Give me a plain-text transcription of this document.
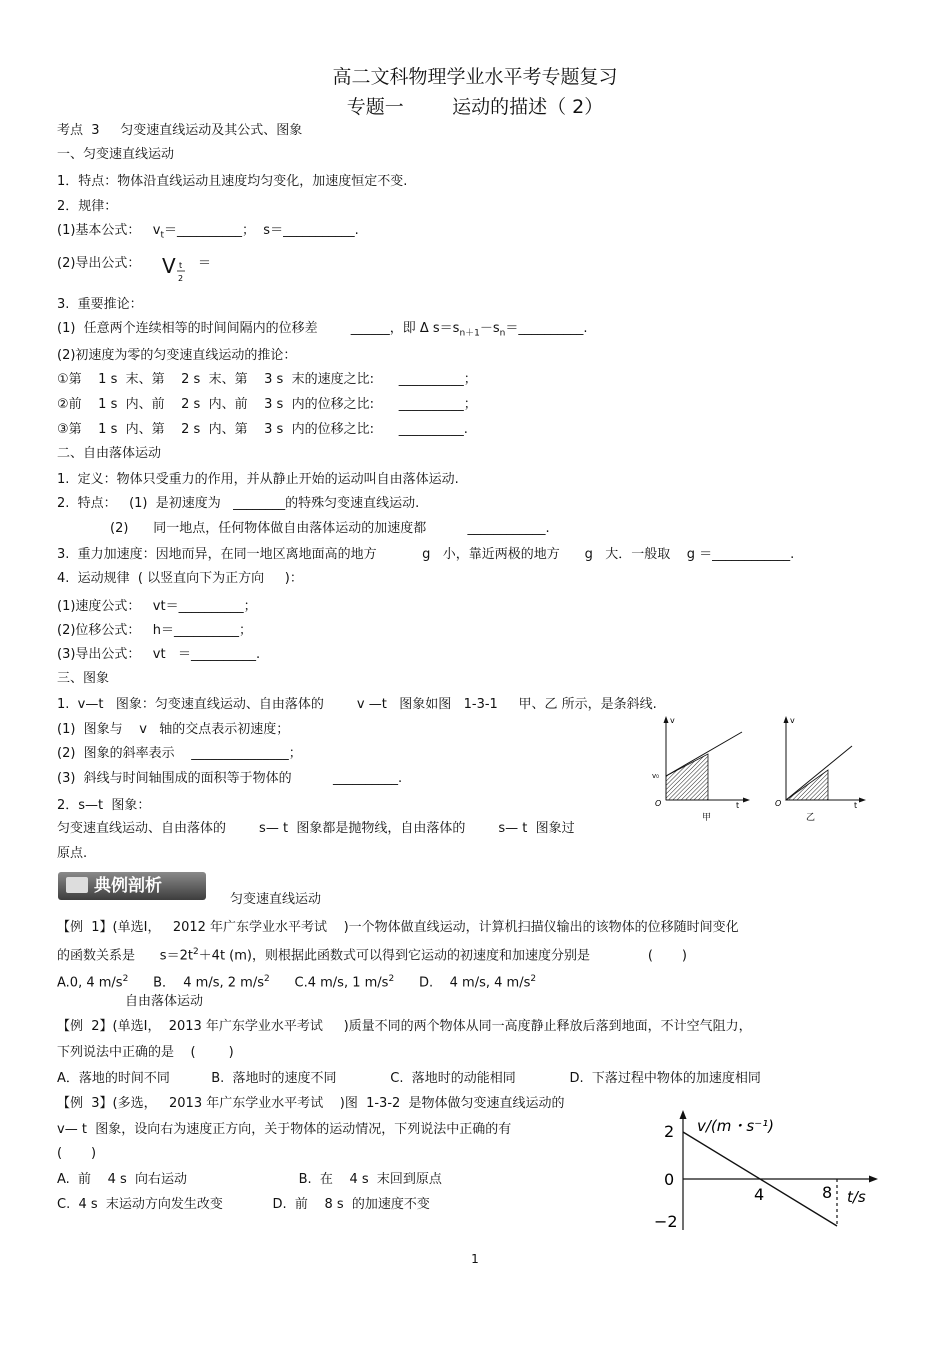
高二文科物理学业水平考专题复习
专题一        运动的描述（ 2）
考点  3     匀变速直线运动及其公式、图象
一、匀变速直线运动
1．特点：物体沿直线运动且速度均匀变化，加速度恒定不变.
2．规律：
(1)基本公式：   $v_t=\_\_\_\_\_\_\_\_\_\_$；  s＝___________.
(2)导出公式： V t
2
＝
3.  重要推论：
(1)  任意两个连续相等的时间间隔内的位移差        ______，即 Δ $s=s_{n+1}-s_n=\_\_\_\_\_\_\_\_\_\_$.
(2)初速度为零的匀变速直线运动的推论：
①第    1 s  末、第    2 s  末、第    3 s  末的速度之比:      __________；
②前    1 s  内、前    2 s  内、前    3 s  内的位移之比:      __________；
③第    1 s  内、第    2 s  内、第    3 s  内的位移之比:      __________.
二、自由落体运动
1.  定义：物体只受重力的作用，并从静止开始的运动叫自由落体运动.
2.  特点：   (1)  是初速度为   ________的特殊匀变速直线运动.
(2)      同一地点，任何物体做自由落体运动的加速度都          ____________.
3.  重力加速度：因地而异，在同一地区离地面高的地方           g   小，靠近两极的地方      g   大．一般取    g ＝____________.
4.  运动规律  ( 以竖直向下为正方向     )：
(1)速度公式：   vt＝__________；
(2)位移公式：   h＝__________；
(3)导出公式：   vt   ＝__________.
三、图象
1.  v—t   图象：匀变速直线运动、自由落体的        v —t   图象如图   1-3-1     甲、乙 所示，是条斜线.
(1)  图象与    v   轴的交点表示初速度；
(2)  图象的斜率表示    _______________；
(3)  斜线与时间轴围成的面积等于物体的          __________.
2．s—t  图象：
匀变速直线运动、自由落体的        s— t  图象都是抛物线，自由落体的        s— t  图象过
原点.
v
v₀
O	t
甲
v
O	t
乙
典例剖析
匀变速直线运动
【例  1】(单选Ⅰ，   2012 年广东学业水平考试    )一个物体做直线运动，计算机扫描仪输出的该物体的位移随时间变化
的函数关系是      $s=2t^2+4t$ (m)，则根据此函数式可以得到它运动的初速度和加速度分别是              (       )
A.0, 4 $m/s^2$      B．  4 m/s, 2 $m/s^2$      C.4 m/s, 1 $m/s^2$      D.    4 m/s, 4 $m/s^2$
自由落体运动
【例  2】(单选Ⅰ，  2013 年广东学业水平考试     )质量不同的两个物体从同一高度静止释放后落到地面，不计空气阻力，
下列说法中正确的是    (        )
A．落地的时间不同          B.  落地时的速度不同             C.  落地时的动能相同             D.  下落过程中物体的加速度相同
【例  3】(多选，   2013 年广东学业水平考试    )图  1-3-2  是物体做匀变速直线运动的
v— t  图象，设向右为速度正方向，关于物体的运动情况，下列说法中正确的有
(       )
A.  前    4 s  向右运动                           B.  在    4 s  末回到原点
C.  4 s  末运动方向发生改变            D.  前    8 s  的加速度不变
v/(m・s⁻¹)
2
0
−2
4	8 t/s
1
